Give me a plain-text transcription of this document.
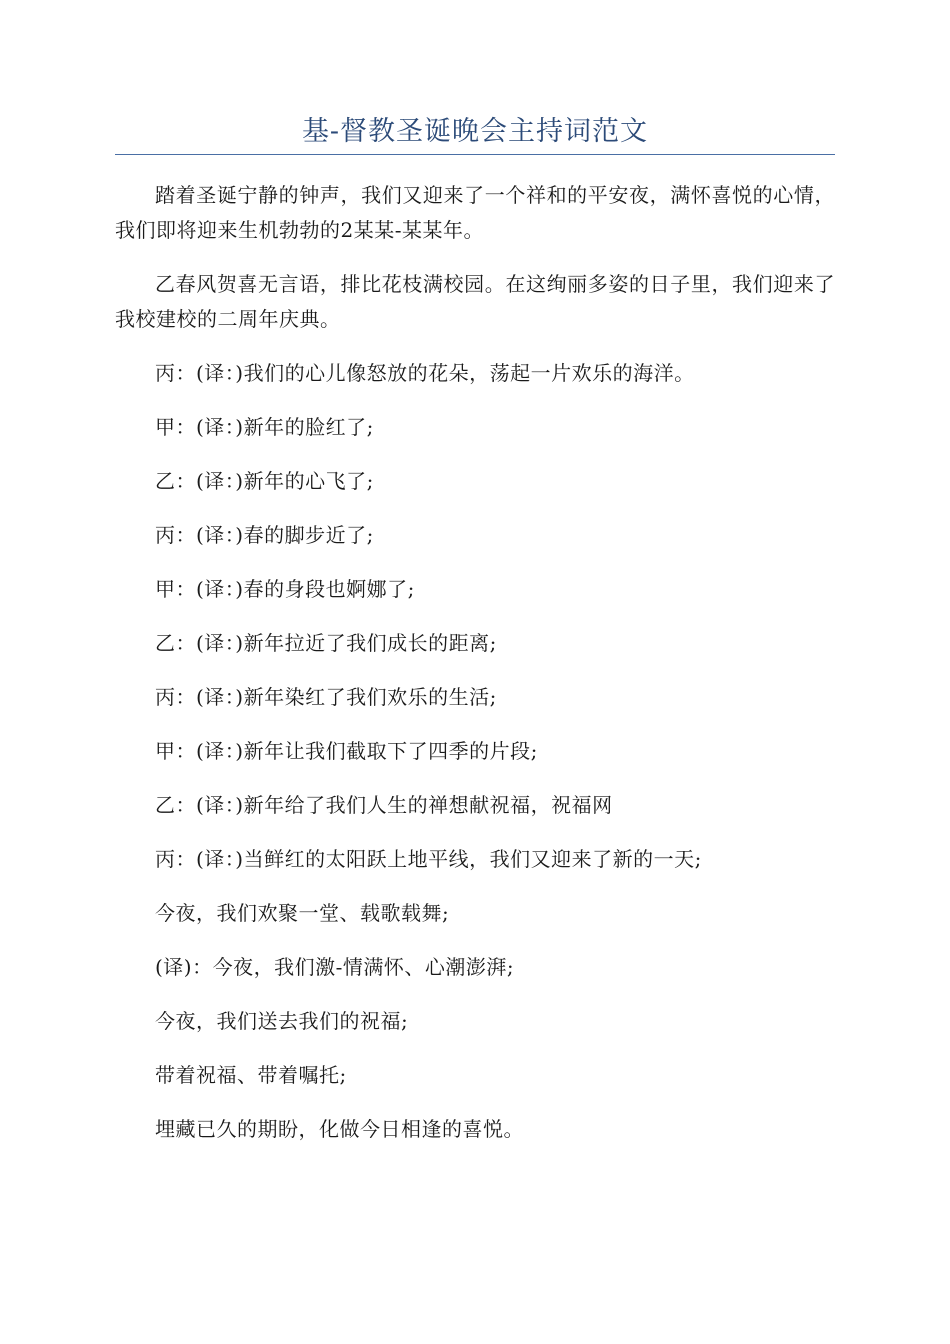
基-督教圣诞晚会主持词范文

踏着圣诞宁静的钟声，我们又迎来了一个祥和的平安夜，满怀喜悦的心情，我们即将迎来生机勃勃的2某某-某某年。

乙春风贺喜无言语，排比花枝满校园。在这绚丽多姿的日子里，我们迎来了我校建校的二周年庆典。

丙：(译：)我们的心儿像怒放的花朵，荡起一片欢乐的海洋。

甲：(译：)新年的脸红了;

乙：(译：)新年的心飞了;

丙：(译：)春的脚步近了;

甲：(译：)春的身段也婀娜了;

乙：(译：)新年拉近了我们成长的距离;

丙：(译：)新年染红了我们欢乐的生活;

甲：(译：)新年让我们截取下了四季的片段;

乙：(译：)新年给了我们人生的禅想献祝福，祝福网

丙：(译：)当鲜红的太阳跃上地平线，我们又迎来了新的一天;

今夜，我们欢聚一堂、载歌载舞;

(译)：今夜，我们激-情满怀、心潮澎湃;

今夜，我们送去我们的祝福;

带着祝福、带着嘱托;

埋藏已久的期盼，化做今日相逢的喜悦。
